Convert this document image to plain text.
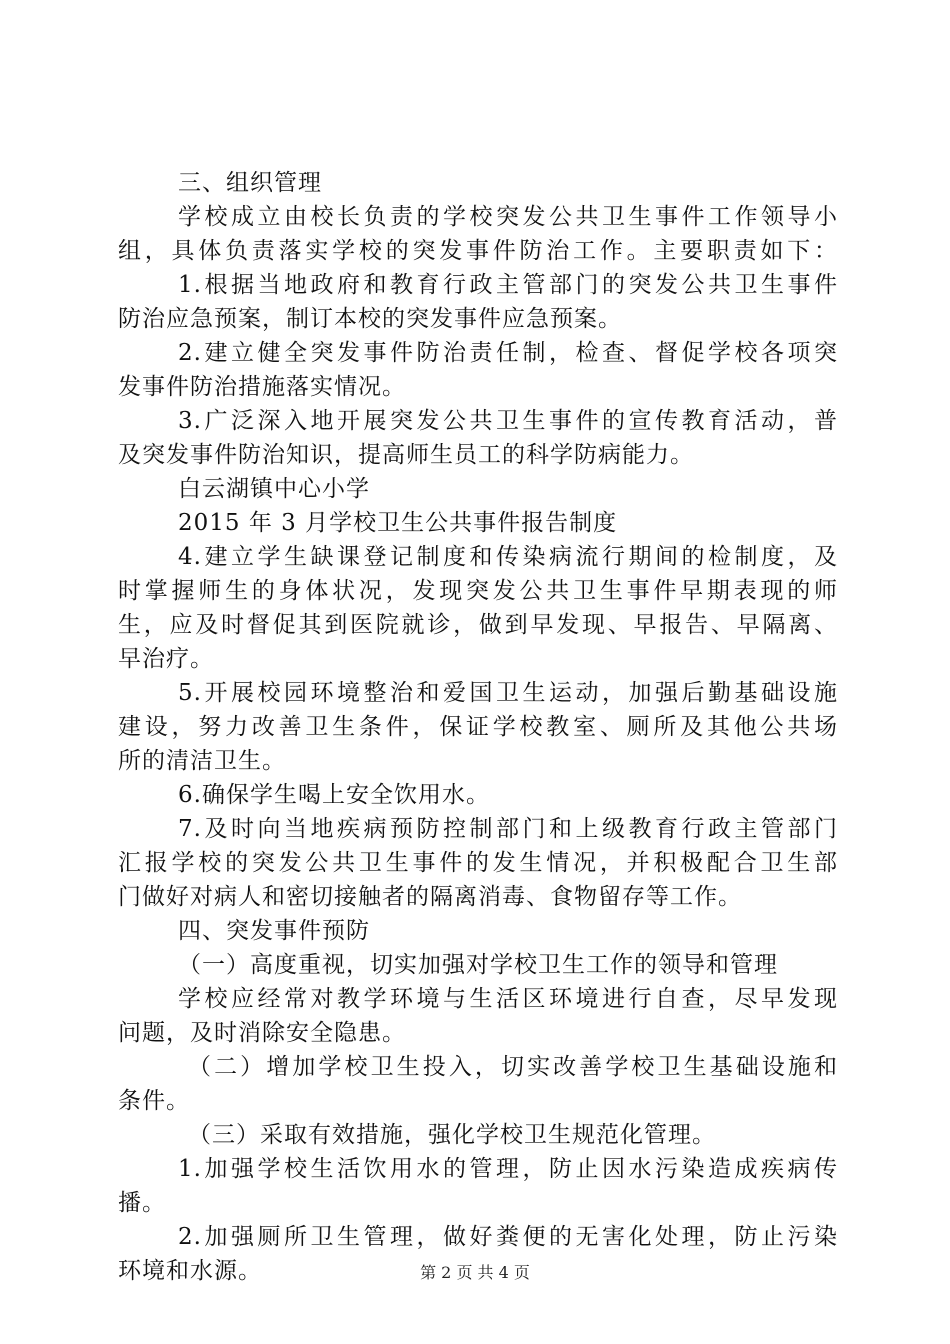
三、组织管理
学校成立由校长负责的学校突发公共卫生事件工作领导小
组，具体负责落实学校的突发事件防治工作。主要职责如下：
1.根据当地政府和教育行政主管部门的突发公共卫生事件
防治应急预案，制订本校的突发事件应急预案。
2.建立健全突发事件防治责任制，检查、督促学校各项突
发事件防治措施落实情况。
3.广泛深入地开展突发公共卫生事件的宣传教育活动，普
及突发事件防治知识，提高师生员工的科学防病能力。
白云湖镇中心小学
2015 年 3 月学校卫生公共事件报告制度
4.建立学生缺课登记制度和传染病流行期间的检制度，及
时掌握师生的身体状况，发现突发公共卫生事件早期表现的师
生，应及时督促其到医院就诊，做到早发现、早报告、早隔离、
早治疗。
5.开展校园环境整治和爱国卫生运动，加强后勤基础设施
建设，努力改善卫生条件，保证学校教室、厕所及其他公共场
所的清洁卫生。
6.确保学生喝上安全饮用水。
7.及时向当地疾病预防控制部门和上级教育行政主管部门
汇报学校的突发公共卫生事件的发生情况，并积极配合卫生部
门做好对病人和密切接触者的隔离消毒、食物留存等工作。
四、突发事件预防
（一）高度重视，切实加强对学校卫生工作的领导和管理
学校应经常对教学环境与生活区环境进行自查，尽早发现
问题，及时消除安全隐患。
（二）增加学校卫生投入，切实改善学校卫生基础设施和
条件。
（三）采取有效措施，强化学校卫生规范化管理。
1.加强学校生活饮用水的管理，防止因水污染造成疾病传
播。
2.加强厕所卫生管理，做好粪便的无害化处理，防止污染
环境和水源。	第 2 页 共 4 页
